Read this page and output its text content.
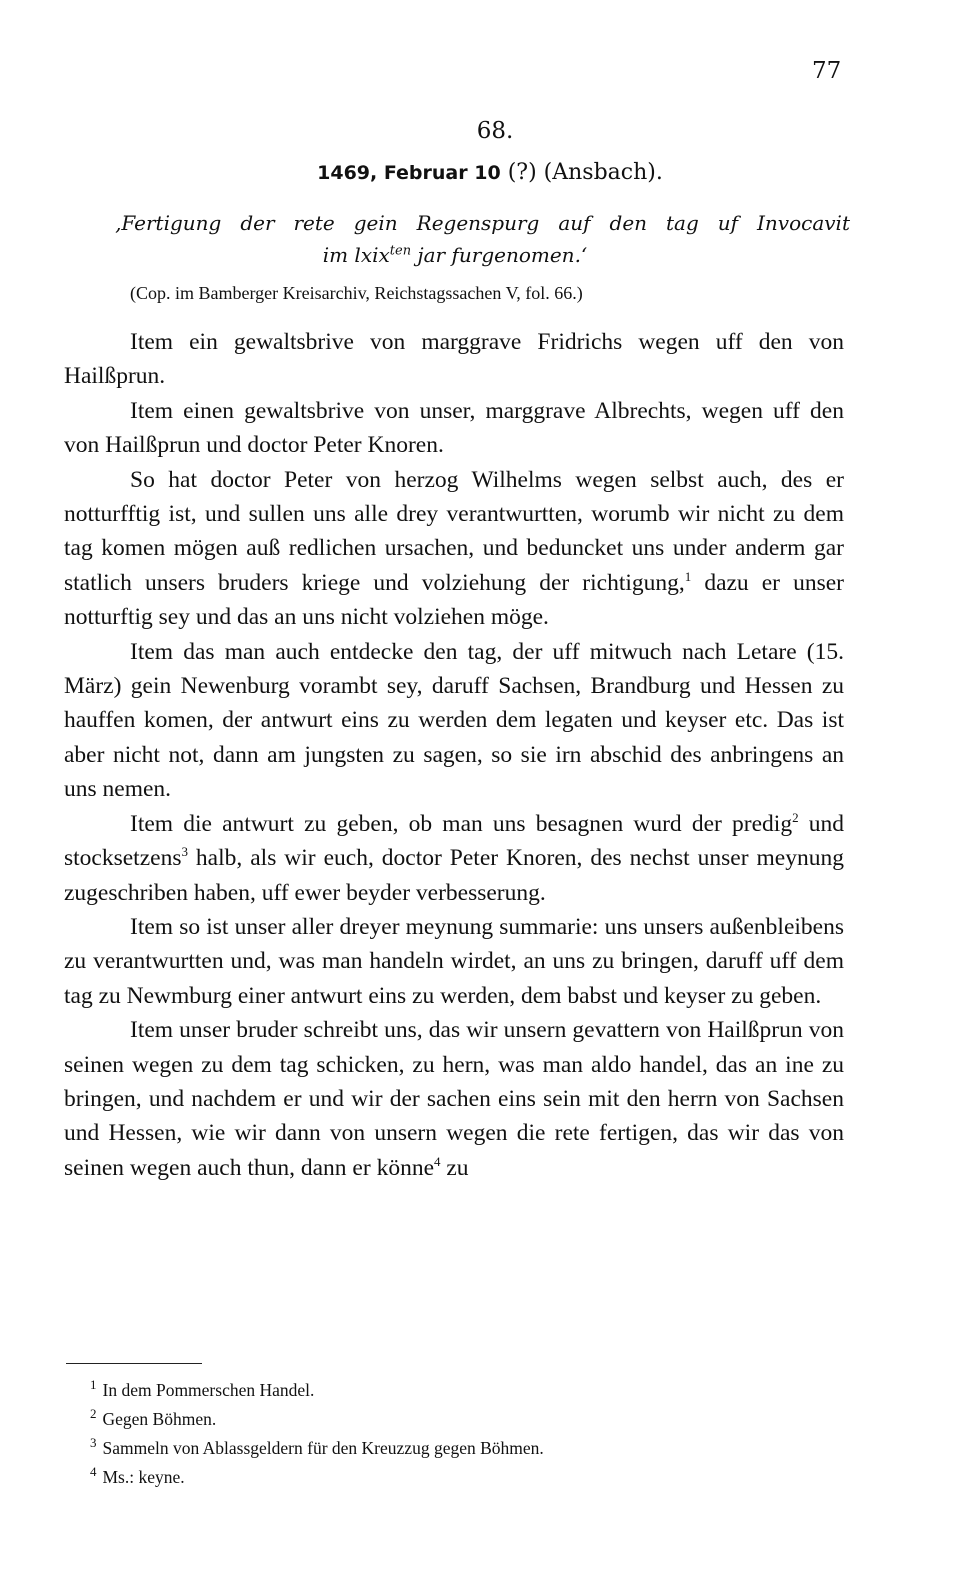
77
68.
1469, Februar 10 (?) (Ansbach).
‚Fertigung der rete gein Regenspurg auf den tag uf Invocavit
im lxix$^{ten}$ jar furgenomen.‘
(Cop. im Bamberger Kreisarchiv, Reichstagssachen V, fol. 66.)

Item ein gewaltsbrive von marggrave Fridrichs wegen uff den von Hailßprun.

Item einen gewaltsbrive von unser, marggrave Albrechts, wegen uff den von Hailßprun und doctor Peter Knoren.

So hat doctor Peter von herzog Wilhelms wegen selbst auch, des er notturfftig ist, und sullen uns alle drey verantwurtten, worumb wir nicht zu dem tag komen mögen auß redlichen ursachen, und beduncket uns under anderm gar statlich unsers bruders kriege und volziehung der richtigung,$^1$ dazu er unser notturftig sey und das an uns nicht volziehen möge.

Item das man auch entdecke den tag, der uff mitwuch nach Letare (15. März) gein Newenburg vorambt sey, daruff Sachsen, Brandburg und Hessen zu hauffen komen, der antwurt eins zu werden dem legaten und keyser etc. Das ist aber nicht not, dann am jungsten zu sagen, so sie irn abschid des anbringens an uns nemen.

Item die antwurt zu geben, ob man uns besagnen wurd der predig$^2$ und stocksetzens$^3$ halb, als wir euch, doctor Peter Knoren, des nechst unser meynung zugeschriben haben, uff ewer beyder verbesserung.

Item so ist unser aller dreyer meynung summarie: uns unsers außenbleibens zu verantwurtten und, was man handeln wirdet, an uns zu bringen, daruff uff dem tag zu Newmburg einer antwurt eins zu werden, dem babst und keyser zu geben.

Item unser bruder schreibt uns, das wir unsern gevattern von Hailßprun von seinen wegen zu dem tag schicken, zu hern, was man aldo handel, das an ine zu bringen, und nachdem er und wir der sachen eins sein mit den herrn von Sachsen und Hessen, wie wir dann von unsern wegen die rete fertigen, das wir das von seinen wegen auch thun, dann er könne$^4$ zu

$^1$ In dem Pommerschen Handel.
$^2$ Gegen Böhmen.
$^3$ Sammeln von Ablassgeldern für den Kreuzzug gegen Böhmen.
$^4$ Ms.: keyne.
